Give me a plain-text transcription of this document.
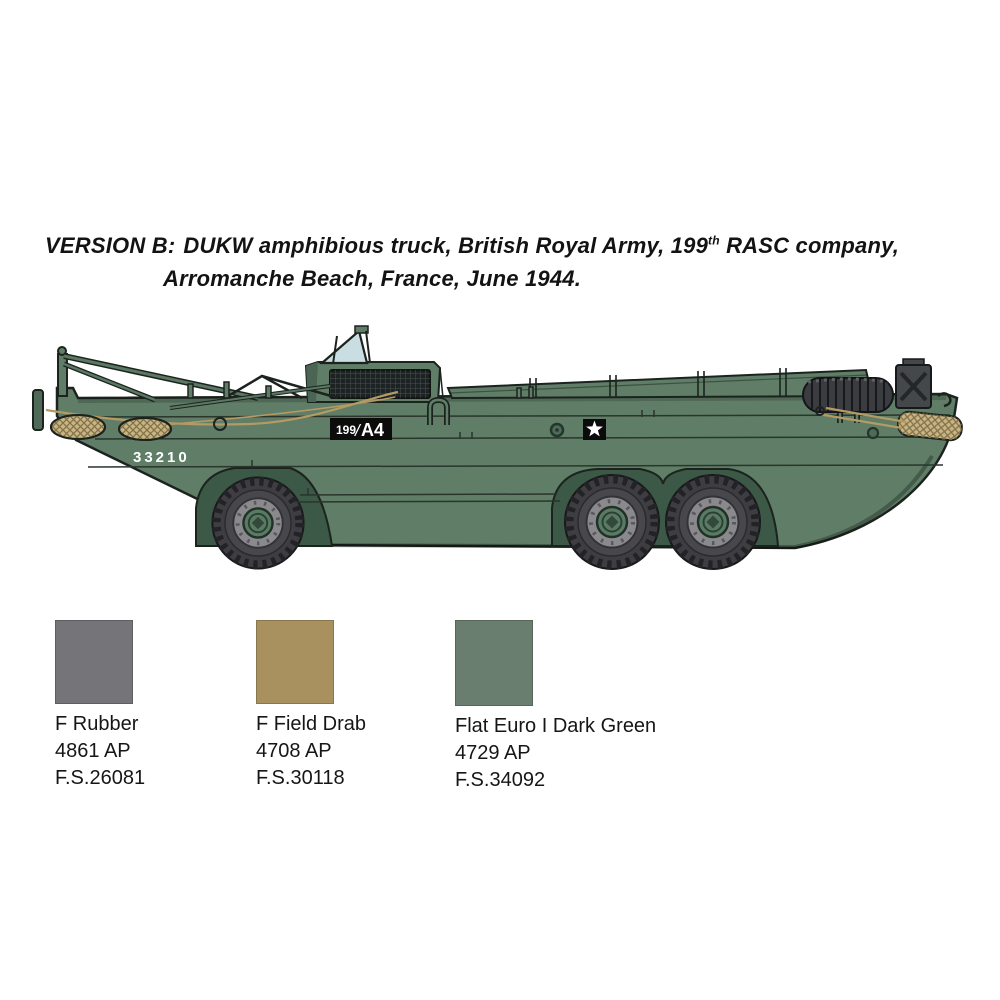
VERSION B: DUKW amphibious truck, British Royal Army, 199th RASC company,
Arromanche Beach, France, June 1944.
199
/ A4
33210
F Rubber
4861 AP
F.S.26081
F Field Drab
4708 AP
F.S.30118
Flat Euro I Dark Green
4729 AP
F.S.34092
